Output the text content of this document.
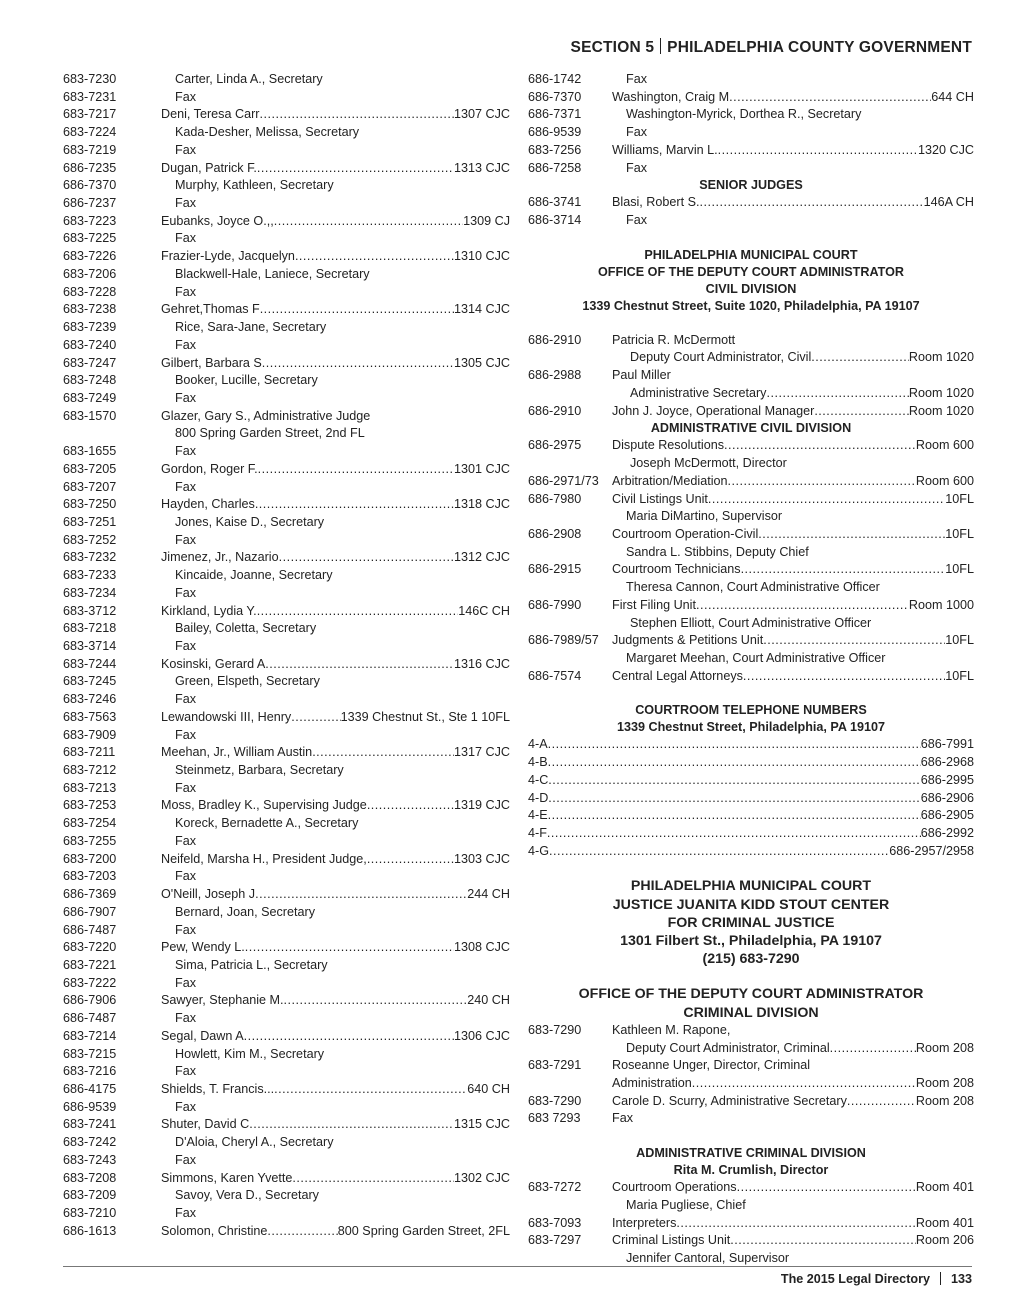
SECTION 5 PHILADELPHIA COUNTY GOVERNMENT
683-7230	Carter, Linda A., Secretary
683-7231	Fax
683-7217	Deni, Teresa Carr .....	1307 CJC
683-7224	Kada-Desher, Melissa, Secretary
683-7219	Fax
686-7235	Dugan, Patrick F. .....	1313 CJC
686-7370	Murphy, Kathleen, Secretary
686-7237	Fax
683-7223	Eubanks, Joyce O.,, .....	1309 CJ
683-7225	Fax
683-7226	Frazier-Lyde, Jacquelyn .....	1310 CJC
683-7206	Blackwell-Hale, Laniece, Secretary
683-7228	Fax
683-7238	Gehret,Thomas F .....	1314 CJC
683-7239	Rice, Sara-Jane, Secretary
683-7240	Fax
683-7247	Gilbert, Barbara S .....	1305 CJC
683-7248	Booker, Lucille, Secretary
683-7249	Fax
683-1570	Glazer, Gary S., Administrative Judge
800 Spring Garden Street, 2nd FL
683-1655	Fax
683-7205	Gordon, Roger F. .....	1301 CJC
683-7207	Fax
683-7250	Hayden, Charles .....	1318 CJC
683-7251	Jones, Kaise D., Secretary
683-7252	Fax
683-7232	Jimenez, Jr., Nazario .....	1312 CJC
683-7233	Kincaide, Joanne, Secretary
683-7234	Fax
683-3712	Kirkland, Lydia Y. .....	146C CH
683-7218	Bailey, Coletta, Secretary
683-3714	Fax
683-7244	Kosinski, Gerard A .....	1316 CJC
683-7245	Green, Elspeth, Secretary
683-7246	Fax
683-7563	Lewandowski III, Henry .....	1339 Chestnut St., Ste 1 10FL
683-7909	Fax
683-7211	Meehan, Jr., William Austin .....	1317 CJC
683-7212	Steinmetz, Barbara, Secretary
683-7213	Fax
683-7253	Moss, Bradley K., Supervising Judge .....	1319 CJC
683-7254	Koreck, Bernadette A., Secretary
683-7255	Fax
683-7200	Neifeld, Marsha H., President Judge, .....	1303 CJC
683-7203	Fax
686-7369	O'Neill, Joseph J .....	244 CH
686-7907	Bernard, Joan, Secretary
686-7487	Fax
683-7220	Pew, Wendy L. .....	1308 CJC
683-7221	Sima, Patricia L., Secretary
683-7222	Fax
686-7906	Sawyer, Stephanie M. .....	240 CH
686-7487	Fax
683-7214	Segal, Dawn A .....	1306 CJC
683-7215	Howlett, Kim M., Secretary
683-7216	Fax
686-4175	Shields, T. Francis... .....	640 CH
686-9539	Fax
683-7241	Shuter, David C .....	1315 CJC
683-7242	D'Aloia, Cheryl A., Secretary
683-7243	Fax
683-7208	Simmons, Karen Yvette .....	1302 CJC
683-7209	Savoy, Vera D., Secretary
683-7210	Fax
686-1613	Solomon, Christine .....	800 Spring Garden Street, 2FL
686-1742	Fax
686-7370	Washington, Craig M .....	644 CH
686-7371	Washington-Myrick, Dorthea R., Secretary
686-9539	Fax
683-7256	Williams, Marvin L. .....	1320 CJC
686-7258	Fax
SENIOR JUDGES
686-3741	Blasi, Robert S. .....	146A CH
686-3714	Fax
PHILADELPHIA MUNICIPAL COURT
OFFICE OF THE DEPUTY COURT ADMINISTRATOR
CIVIL DIVISION
1339 Chestnut Street, Suite 1020, Philadelphia, PA 19107
686-2910	Patricia R. McDermott
Deputy Court Administrator, Civil .....	Room 1020
686-2988	Paul Miller
Administrative Secretary .....	Room 1020
686-2910	John J. Joyce, Operational Manager .....	Room 1020
ADMINISTRATIVE CIVIL DIVISION
686-2975	Dispute Resolutions .....	Room 600
Joseph McDermott, Director
686-2971/73	Arbitration/Mediation .....	Room 600
686-7980	Civil Listings Unit .....	10FL
Maria DiMartino, Supervisor
686-2908	Courtroom Operation-Civil .....	10FL
Sandra L. Stibbins, Deputy Chief
686-2915	Courtroom Technicians .....	10FL
Theresa Cannon, Court Administrative Officer
686-7990	First Filing Unit .....	Room 1000
Stephen Elliott, Court Administrative Officer
686-7989/57	Judgments & Petitions Unit .....	10FL
Margaret Meehan, Court Administrative Officer
686-7574	Central Legal Attorneys .....	10FL
COURTROOM TELEPHONE NUMBERS
1339 Chestnut Street, Philadelphia, PA 19107
4-A .....	686-7991
4-B .....	686-2968
4-C .....	686-2995
4-D .....	686-2906
4-E .....	686-2905
4-F .....	686-2992
4-G .....	686-2957/2958
PHILADELPHIA MUNICIPAL COURT
JUSTICE JUANITA KIDD STOUT CENTER
FOR CRIMINAL JUSTICE
1301 Filbert St., Philadelphia, PA 19107
(215) 683-7290
OFFICE OF THE DEPUTY COURT ADMINISTRATOR
CRIMINAL DIVISION
683-7290	Kathleen M. Rapone,
Deputy Court Administrator, Criminal .....	Room 208
683-7291	Roseanne Unger, Director, Criminal
Administration .....	Room 208
683-7290	Carole D. Scurry, Administrative Secretary .....	Room 208
683 7293	Fax
ADMINISTRATIVE CRIMINAL DIVISION
Rita M. Crumlish, Director
683-7272	Courtroom Operations .....	Room 401
Maria Pugliese, Chief
683-7093	Interpreters .....	Room 401
683-7297	Criminal Listings Unit .....	Room 206
Jennifer Cantoral, Supervisor
The 2015 Legal Directory 133
